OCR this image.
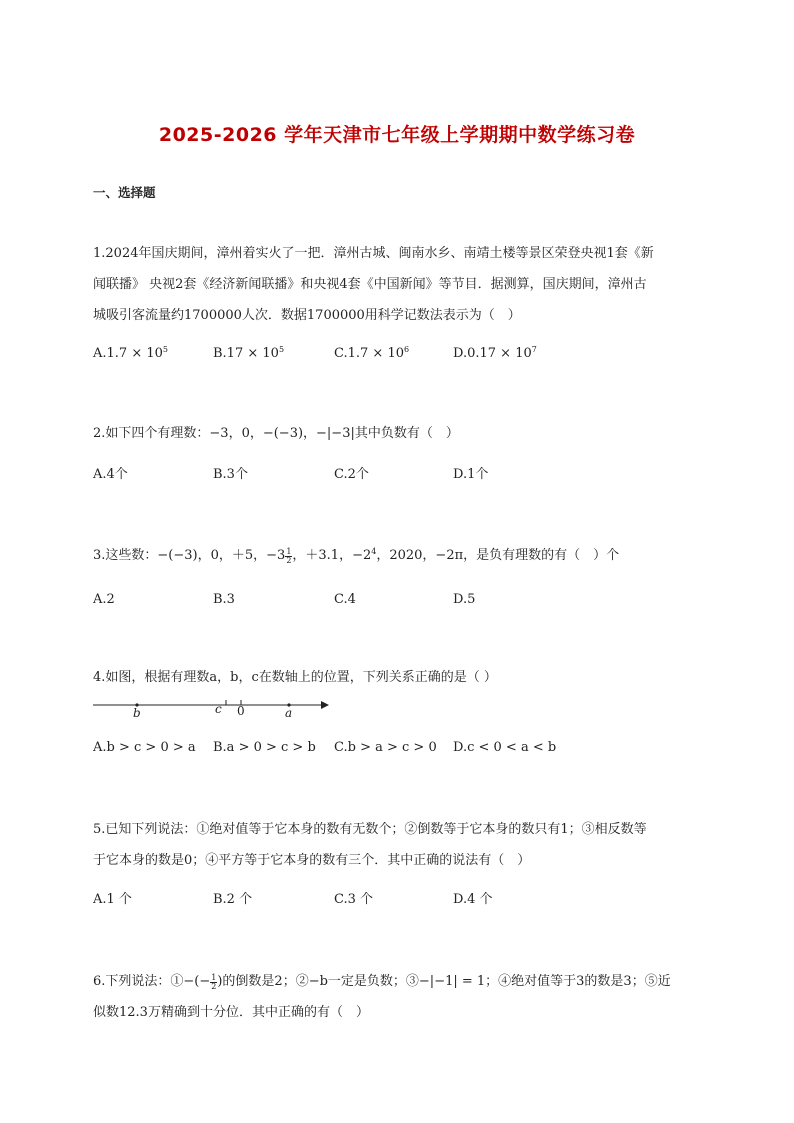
2025-2026 学年天津市七年级上学期期中数学练习卷
一、选择题
1.2024年国庆期间，漳州着实火了一把．漳州古城、闽南水乡、南靖土楼等景区荣登央视1套《新
闻联播》 央视2套《经济新闻联播》和央视4套《中国新闻》等节目．据测算，国庆期间，漳州古
城吸引客流量约1700000人次．数据1700000用科学记数法表示为（　）
$A.1.7 \times 10^5$	$B.17 \times 10^5$	$C.1.7 \times 10^6$	$D.0.17 \times 10^7$
2.如下四个有理数：−3，0，−(−3)，−|−3|其中负数有（　）
A.4个	B.3个	C.2个	D.1个
3.这些数：−(−3)，0，＋5，$-3 \frac{1}{2}$ ，＋3.1，$-2^4$，2020，−2π，是负有理数的有（　）个
A.2	B.3	C.4	D.5
4.如图，根据有理数a，b，c在数轴上的位置，下列关系正确的是（ ）
b	c 0	a
A.b > c > 0 > a B.a > 0 > c > b C.b > a > c > 0 D.c < 0 < a < b
5.已知下列说法：①绝对值等于它本身的数有无数个；②倒数等于它本身的数只有1；③相反数等
于它本身的数是0；④平方等于它本身的数有三个．其中正确的说法有（　）
A.1 个	B.2 个	C.3 个	D.4 个
6.下列说法：①−(− $\frac{1}{2}$ )的倒数是2；②−b一定是负数；③−|−1| = 1；④绝对值等于3的数是3；⑤近
似数12.3万精确到十分位．其中正确的有（　）
